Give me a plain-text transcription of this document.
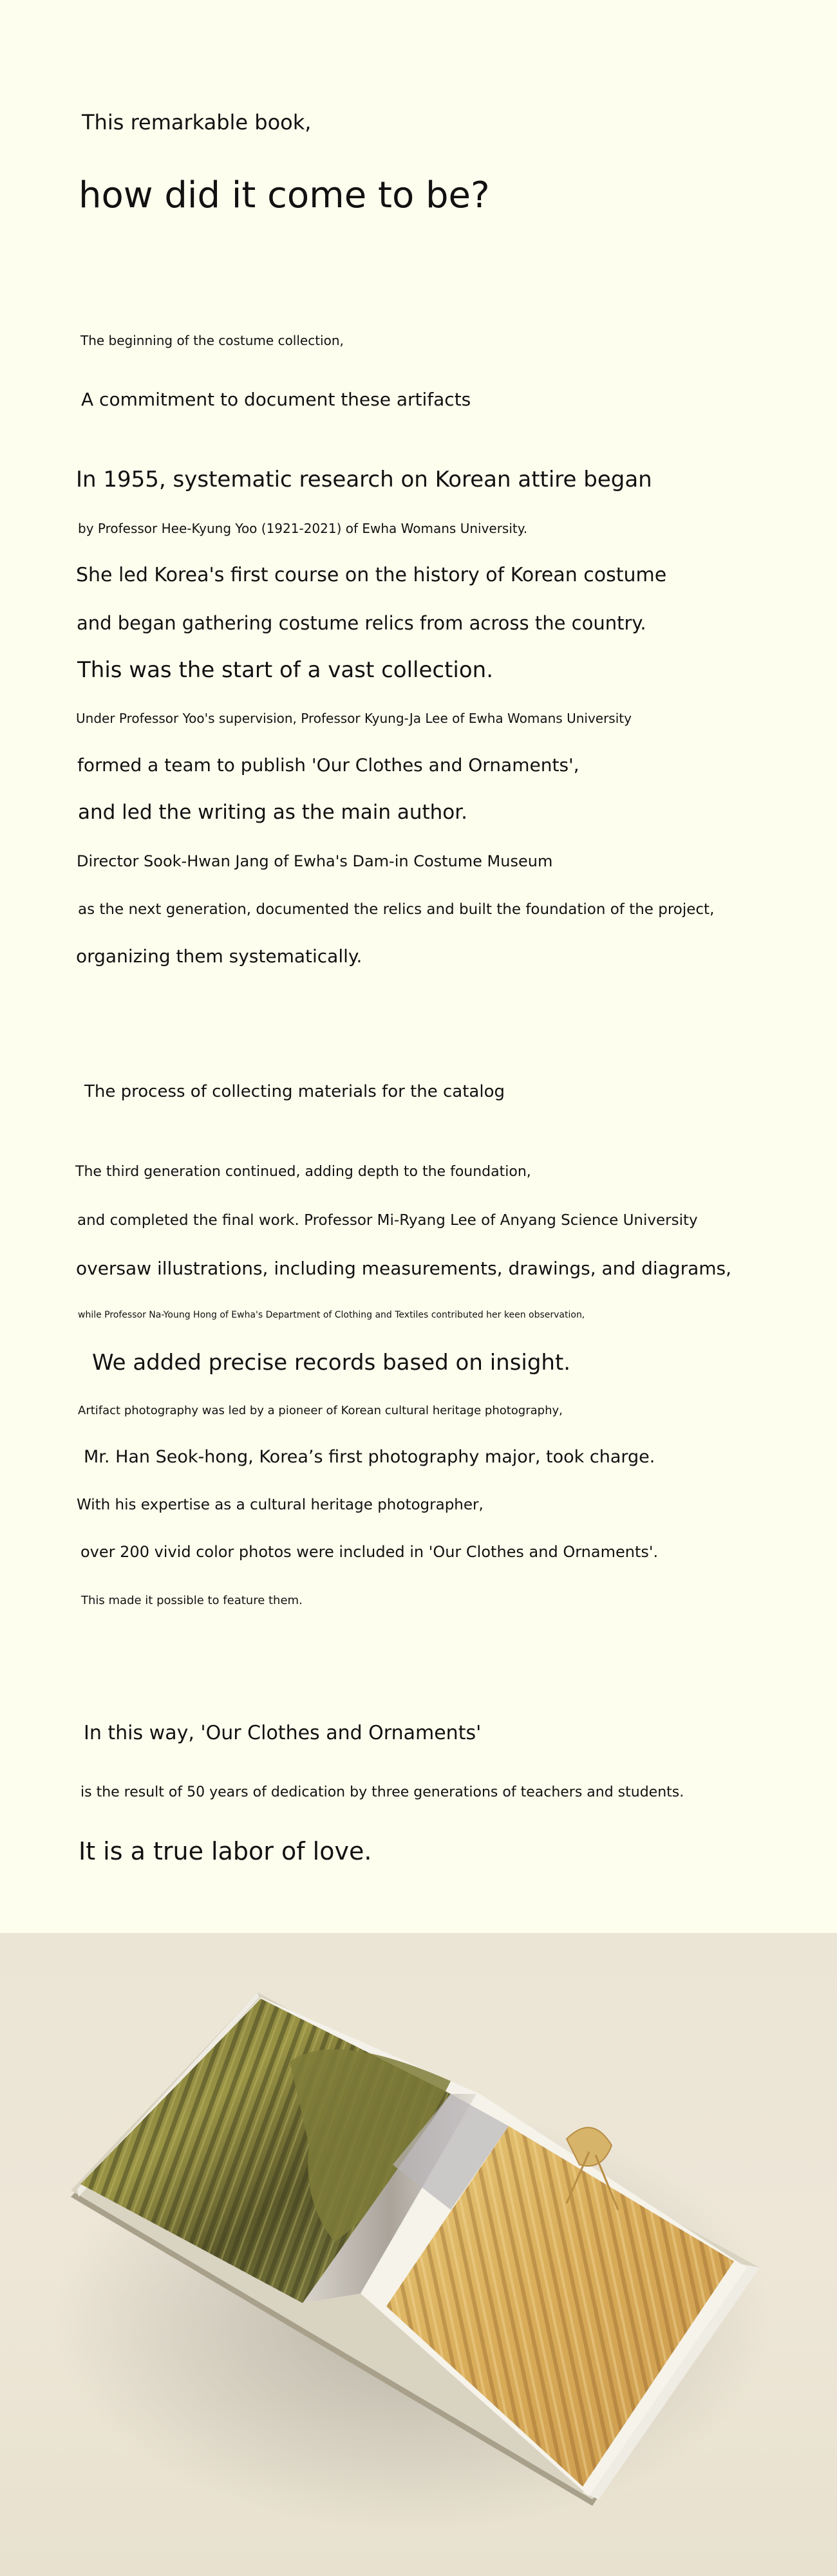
This remarkable book,

how did it come to be?

The beginning of the costume collection,

A commitment to document these artifacts

In 1955, systematic research on Korean attire began

by Professor Hee-Kyung Yoo (1921-2021) of Ewha Womans University.

She led Korea's first course on the history of Korean costume

and began gathering costume relics from across the country.

This was the start of a vast collection.

Under Professor Yoo's supervision, Professor Kyung-Ja Lee of Ewha Womans University

formed a team to publish 'Our Clothes and Ornaments',

and led the writing as the main author.

Director Sook-Hwan Jang of Ewha's Dam-in Costume Museum

as the next generation, documented the relics and built the foundation of the project,

organizing them systematically.

The process of collecting materials for the catalog

The third generation continued, adding depth to the foundation,

and completed the final work. Professor Mi-Ryang Lee of Anyang Science University

oversaw illustrations, including measurements, drawings, and diagrams,

while Professor Na-Young Hong of Ewha's Department of Clothing and Textiles contributed her keen observation,

We added precise records based on insight.

Artifact photography was led by a pioneer of Korean cultural heritage photography,

Mr. Han Seok-hong, Korea’s first photography major, took charge.

With his expertise as a cultural heritage photographer,

over 200 vivid color photos were included in 'Our Clothes and Ornaments'.

This made it possible to feature them.

In this way, 'Our Clothes and Ornaments'

is the result of 50 years of dedication by three generations of teachers and students.

It is a true labor of love.
